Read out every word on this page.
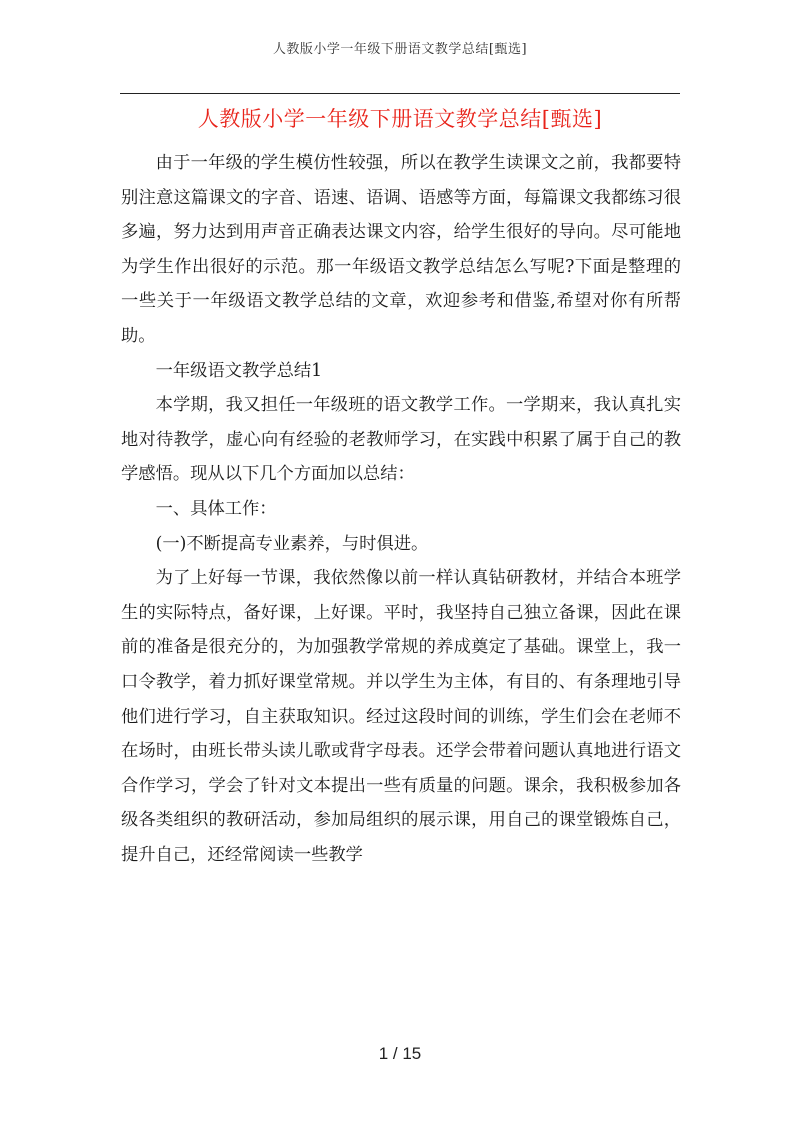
人教版小学一年级下册语文教学总结[甄选]
人教版小学一年级下册语文教学总结[甄选]

由于一年级的学生模仿性较强，所以在教学生读课文之前，我都要特别注意这篇课文的字音、语速、语调、语感等方面，每篇课文我都练习很多遍，努力达到用声音正确表达课文内容，给学生很好的导向。尽可能地为学生作出很好的示范。那一年级语文教学总结怎么写呢?下面是整理的一些关于一年级语文教学总结的文章，欢迎参考和借鉴,希望对你有所帮助。

一年级语文教学总结1

本学期，我又担任一年级班的语文教学工作。一学期来，我认真扎实地对待教学，虚心向有经验的老教师学习，在实践中积累了属于自己的教学感悟。现从以下几个方面加以总结：

一、具体工作：

(一)不断提高专业素养，与时俱进。

为了上好每一节课，我依然像以前一样认真钻研教材，并结合本班学生的实际特点，备好课，上好课。平时，我坚持自己独立备课，因此在课前的准备是很充分的，为加强教学常规的养成奠定了基础。课堂上，我一口令教学，着力抓好课堂常规。并以学生为主体，有目的、有条理地引导他们进行学习，自主获取知识。经过这段时间的训练，学生们会在老师不在场时，由班长带头读儿歌或背字母表。还学会带着问题认真地进行语文合作学习，学会了针对文本提出一些有质量的问题。课余，我积极参加各级各类组织的教研活动，参加局组织的展示课，用自己的课堂锻炼自己，提升自己，还经常阅读一些教学

1 / 15
